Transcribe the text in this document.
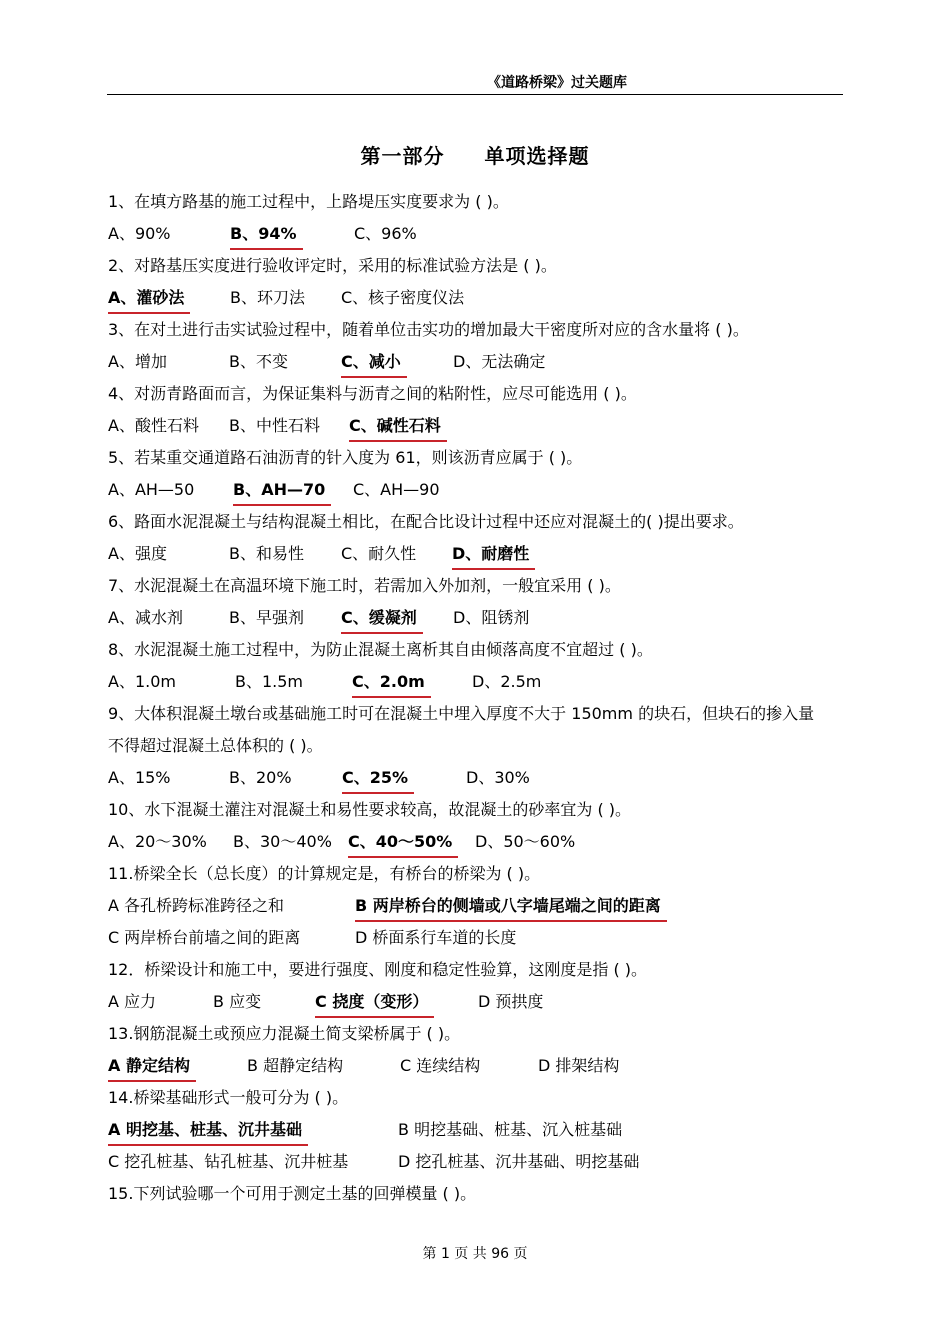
《道路桥梁》过关题库
第一部分 单项选择题
1、在填方路基的施工过程中，上路堤压实度要求为 ( )。
A、90%	B、94%	C、96%
2、对路基压实度进行验收评定时，采用的标准试验方法是 ( )。
A、灌砂法	B、环刀法 C、核子密度仪法
3、在对土进行击实试验过程中，随着单位击实功的增加最大干密度所对应的含水量将 ( )。
A、增加	B、不变	C、减小	D、无法确定
4、对沥青路面而言，为保证集料与沥青之间的粘附性，应尽可能选用 ( )。
A、酸性石料 B、中性石料 C、碱性石料
5、若某重交通道路石油沥青的针入度为 61，则该沥青应属于 ( )。
A、AH—50 B、AH—70	C、AH—90
6、路面水泥混凝土与结构混凝土相比，在配合比设计过程中还应对混凝土的( )提出要求。
A、强度	B、和易性 C、耐久性 D、耐磨性
7、水泥混凝土在高温环境下施工时，若需加入外加剂，一般宜采用 ( )。
A、减水剂	B、早强剂 C、缓凝剂	D、阻锈剂
8、水泥混凝土施工过程中，为防止混凝土离析其自由倾落高度不宜超过 ( )。
A、1.0m	B、1.5m	C、2.0m	D、2.5m
9、大体积混凝土墩台或基础施工时可在混凝土中埋入厚度不大于 150mm 的块石，但块石的掺入量
不得超过混凝土总体积的 ( )。
A、15%	B、20%	C、25%	D、30%
10、水下混凝土灌注对混凝土和易性要求较高，故混凝土的砂率宜为 ( )。
A、20～30% B、30～40% C、40～50%	D、50～60%
11.桥梁全长（总长度）的计算规定是，有桥台的桥梁为 ( )。
A 各孔桥跨标准跨径之和	B 两岸桥台的侧墙或八字墙尾端之间的距离
C 两岸桥台前墙之间的距离	D 桥面系行车道的长度
12．桥梁设计和施工中，要进行强度、刚度和稳定性验算，这刚度是指 ( )。
A 应力	B 应变	C 挠度（变形）	D 预拱度
13.钢筋混凝土或预应力混凝土简支梁桥属于 ( )。
A 静定结构	B 超静定结构	C 连续结构	D 排架结构
14.桥梁基础形式一般可分为 ( )。
A 明挖基、桩基、沉井基础	B 明挖基础、桩基、沉入桩基础
C 挖孔桩基、钻孔桩基、沉井桩基	D 挖孔桩基、沉井基础、明挖基础
15.下列试验哪一个可用于测定土基的回弹模量 ( )。
第 1 页 共 96 页
